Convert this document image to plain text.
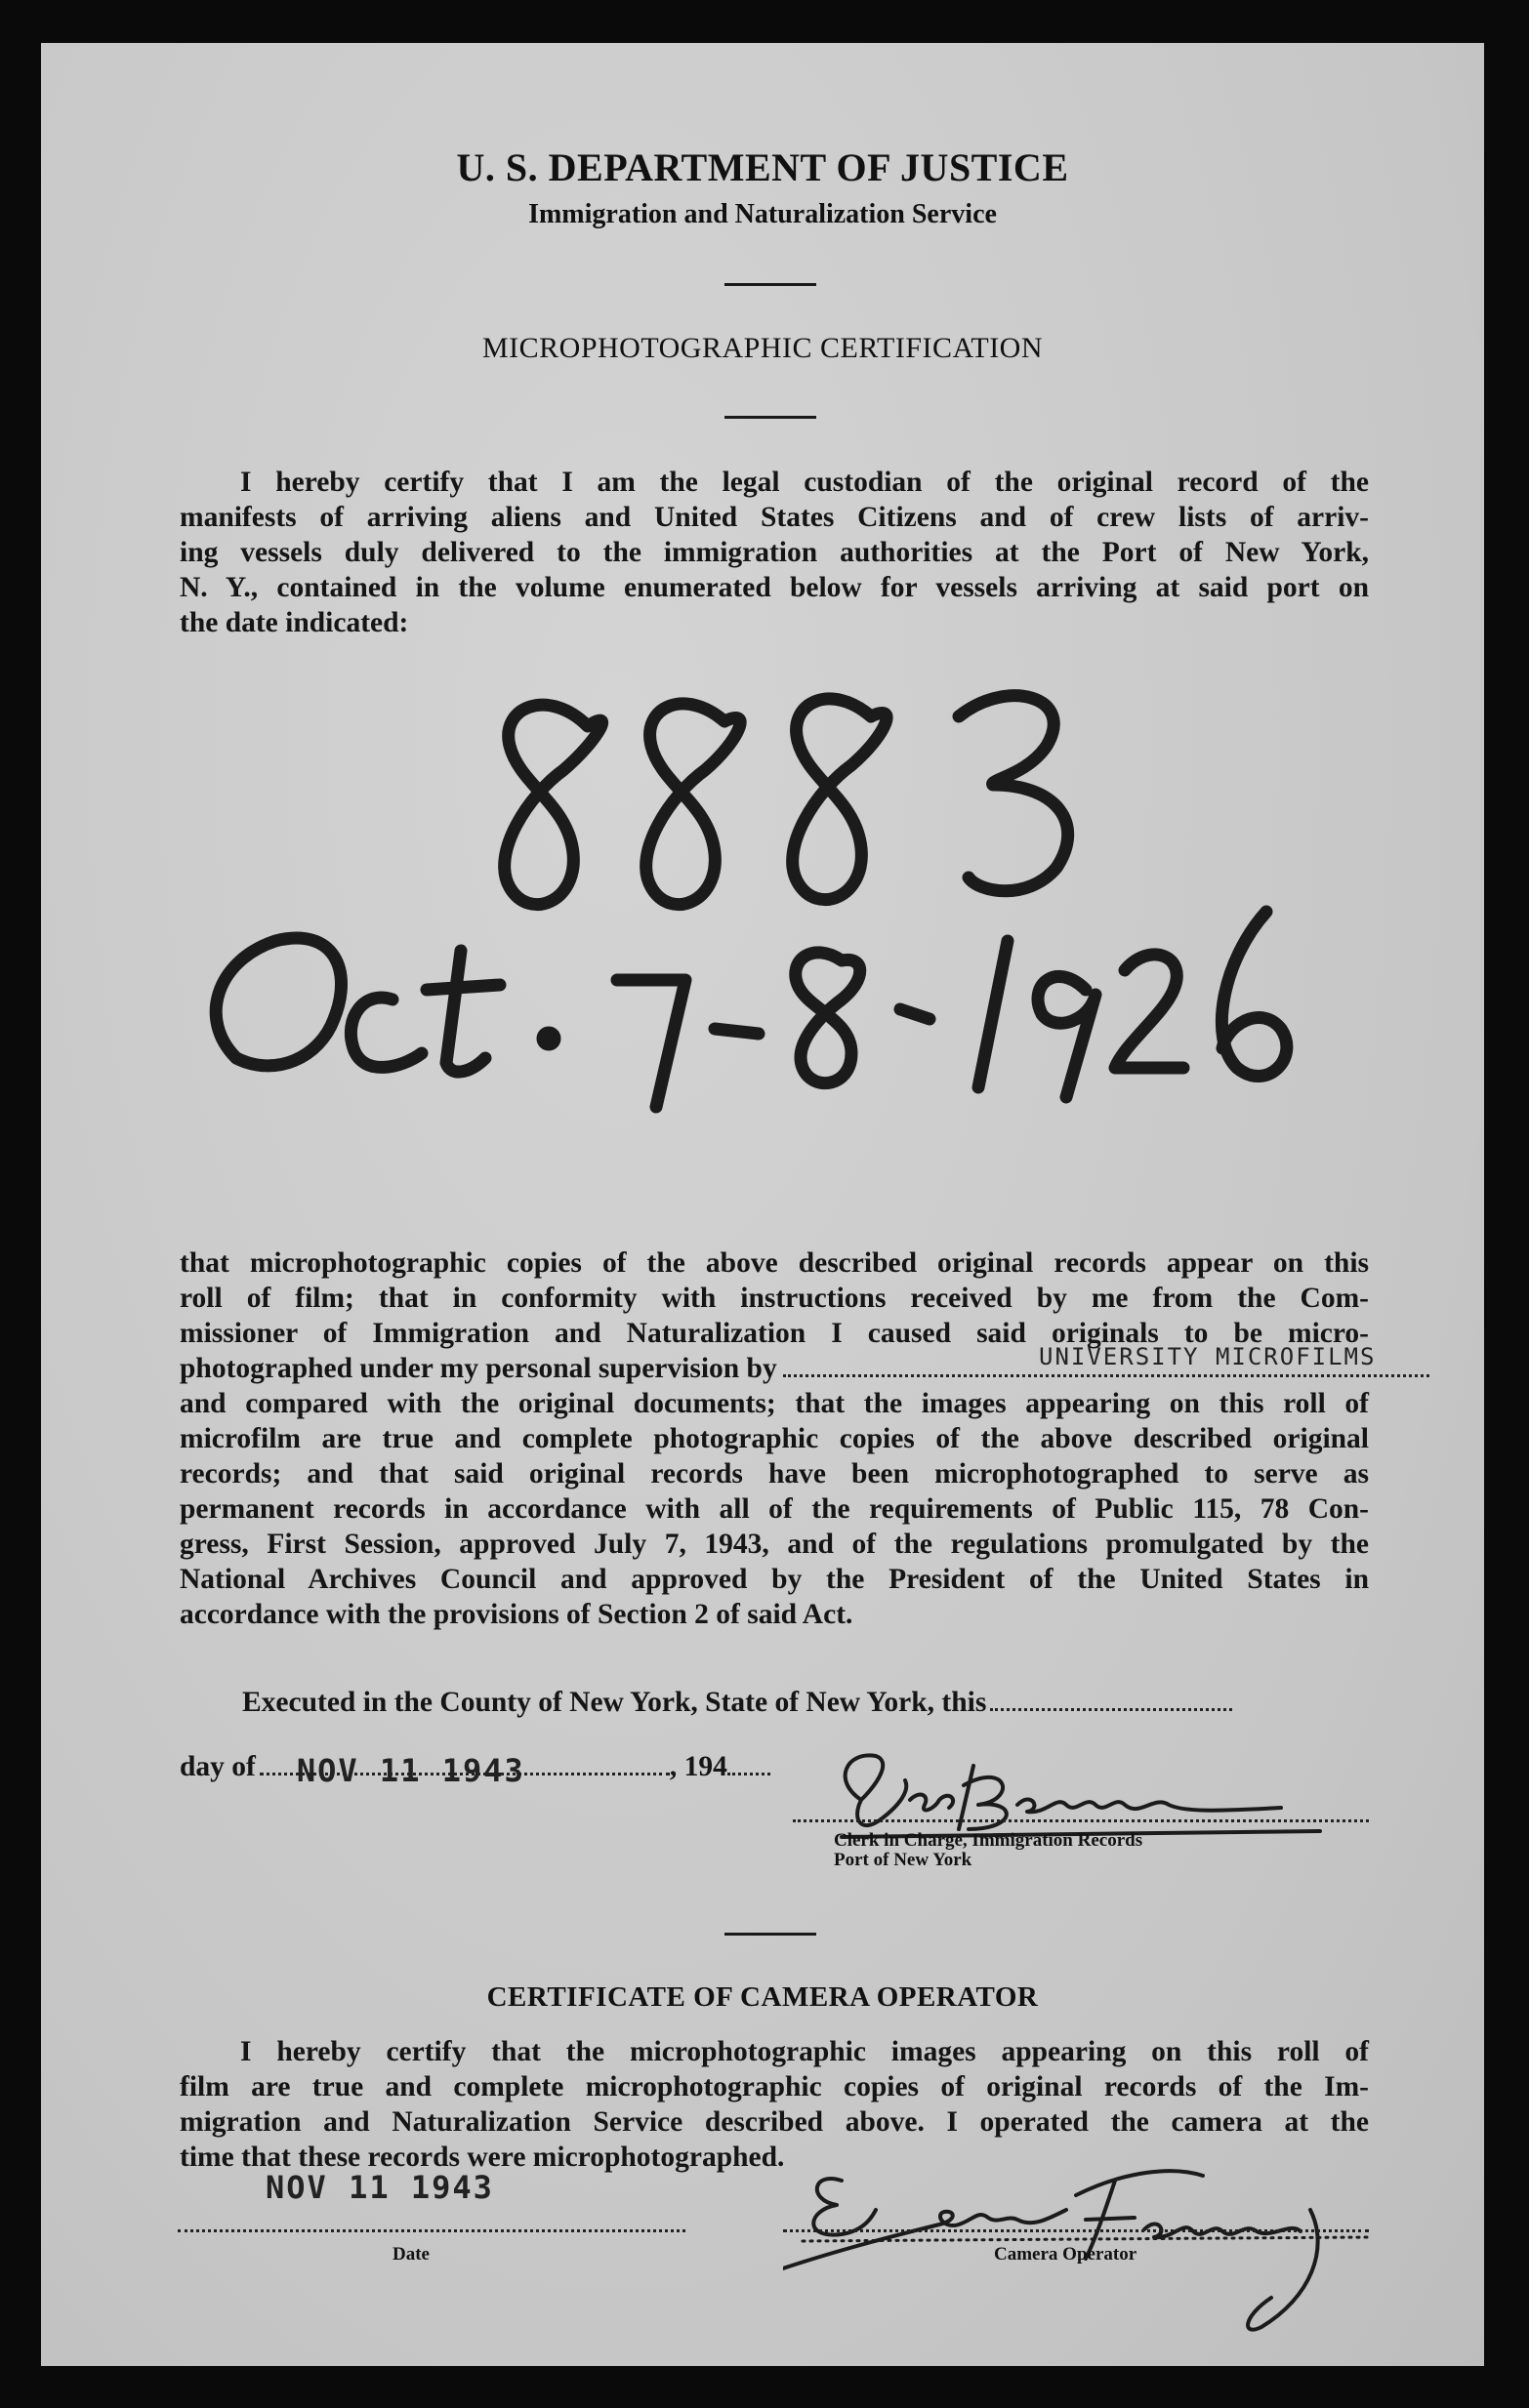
U. S. DEPARTMENT OF JUSTICE
Immigration and Naturalization Service
MICROPHOTOGRAPHIC CERTIFICATION
I hereby certify that I am the legal custodian of the original record of the
manifests of arriving aliens and United States Citizens and of crew lists of arriv-
ing vessels duly delivered to the immigration authorities at the Port of New York,
N. Y., contained in the volume enumerated below for vessels arriving at said port on
the date indicated:
that microphotographic copies of the above described original records appear on this
roll of film; that in conformity with instructions received by me from the Com-
missioner of Immigration and Naturalization I caused said originals to be micro-
photographed under my personal supervision by	UNIVERSITY MICROFILMS
and compared with the original documents; that the images appearing on this roll of
microfilm are true and complete photographic copies of the above described original
records; and that said original records have been microphotographed to serve as
permanent records in accordance with all of the requirements of Public 115, 78 Con-
gress, First Session, approved July 7, 1943, and of the regulations promulgated by the
National Archives Council and approved by the President of the United States in
accordance with the provisions of Section 2 of said Act.
Executed in the County of New York, State of New York, this
day of NOV 11 1943	, 194
Clerk in Charge, Immigration Records
Port of New York
CERTIFICATE OF CAMERA OPERATOR
I hereby certify that the microphotographic images appearing on this roll of
film are true and complete microphotographic copies of original records of the Im-
migration and Naturalization Service described above. I operated the camera at the
time that these records were microphotographed.
NOV 11 1943
Date	Camera Operator
